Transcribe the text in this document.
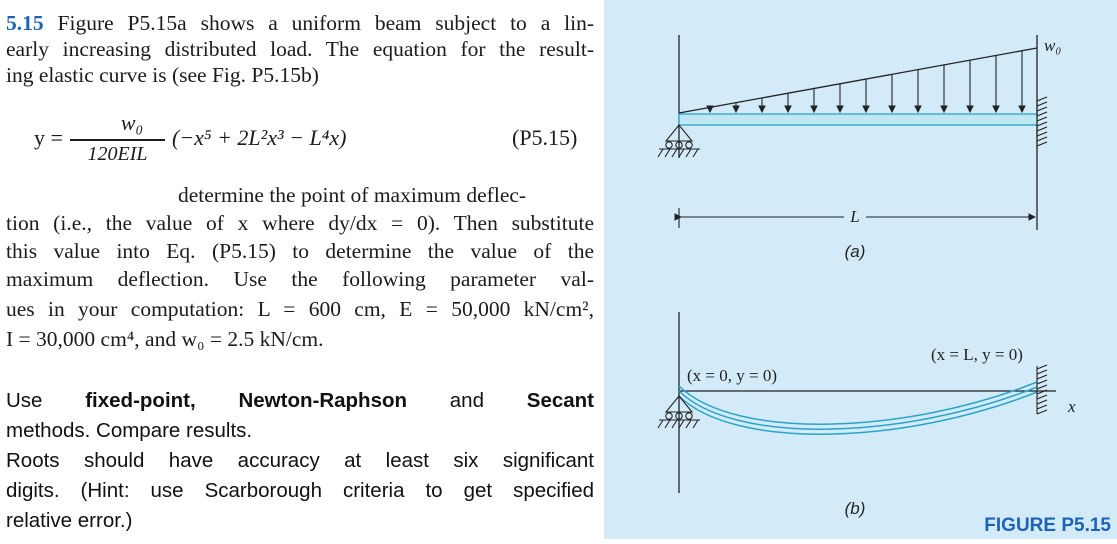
5.15 Figure P5.15a shows a uniform beam subject to a lin-
early increasing distributed load. The equation for the result-
ing elastic curve is (see Fig. P5.15b)
y =
w₀
120EIL
(−x⁵ + 2L²x³ − L⁴x)	(P5.15)
determine the point of maximum deflec-
tion (i.e., the value of x where dy/dx = 0). Then substitute
this value into Eq. (P5.15) to determine the value of the
maximum deflection. Use the following parameter val-
ues in your computation: L = 600 cm, E = 50,000 kN/cm²,
I = 30,000 cm⁴, and w₀ = 2.5 kN/cm.
Use fixed-point, Newton-Raphson and Secant
methods. Compare results.
Roots should have accuracy at least six significant
digits. (Hint: use Scarborough criteria to get specified
relative error.)
w₀
L
(a)
(x = 0, y = 0)
(x = L, y = 0)
x
(b)
FIGURE P5.15
